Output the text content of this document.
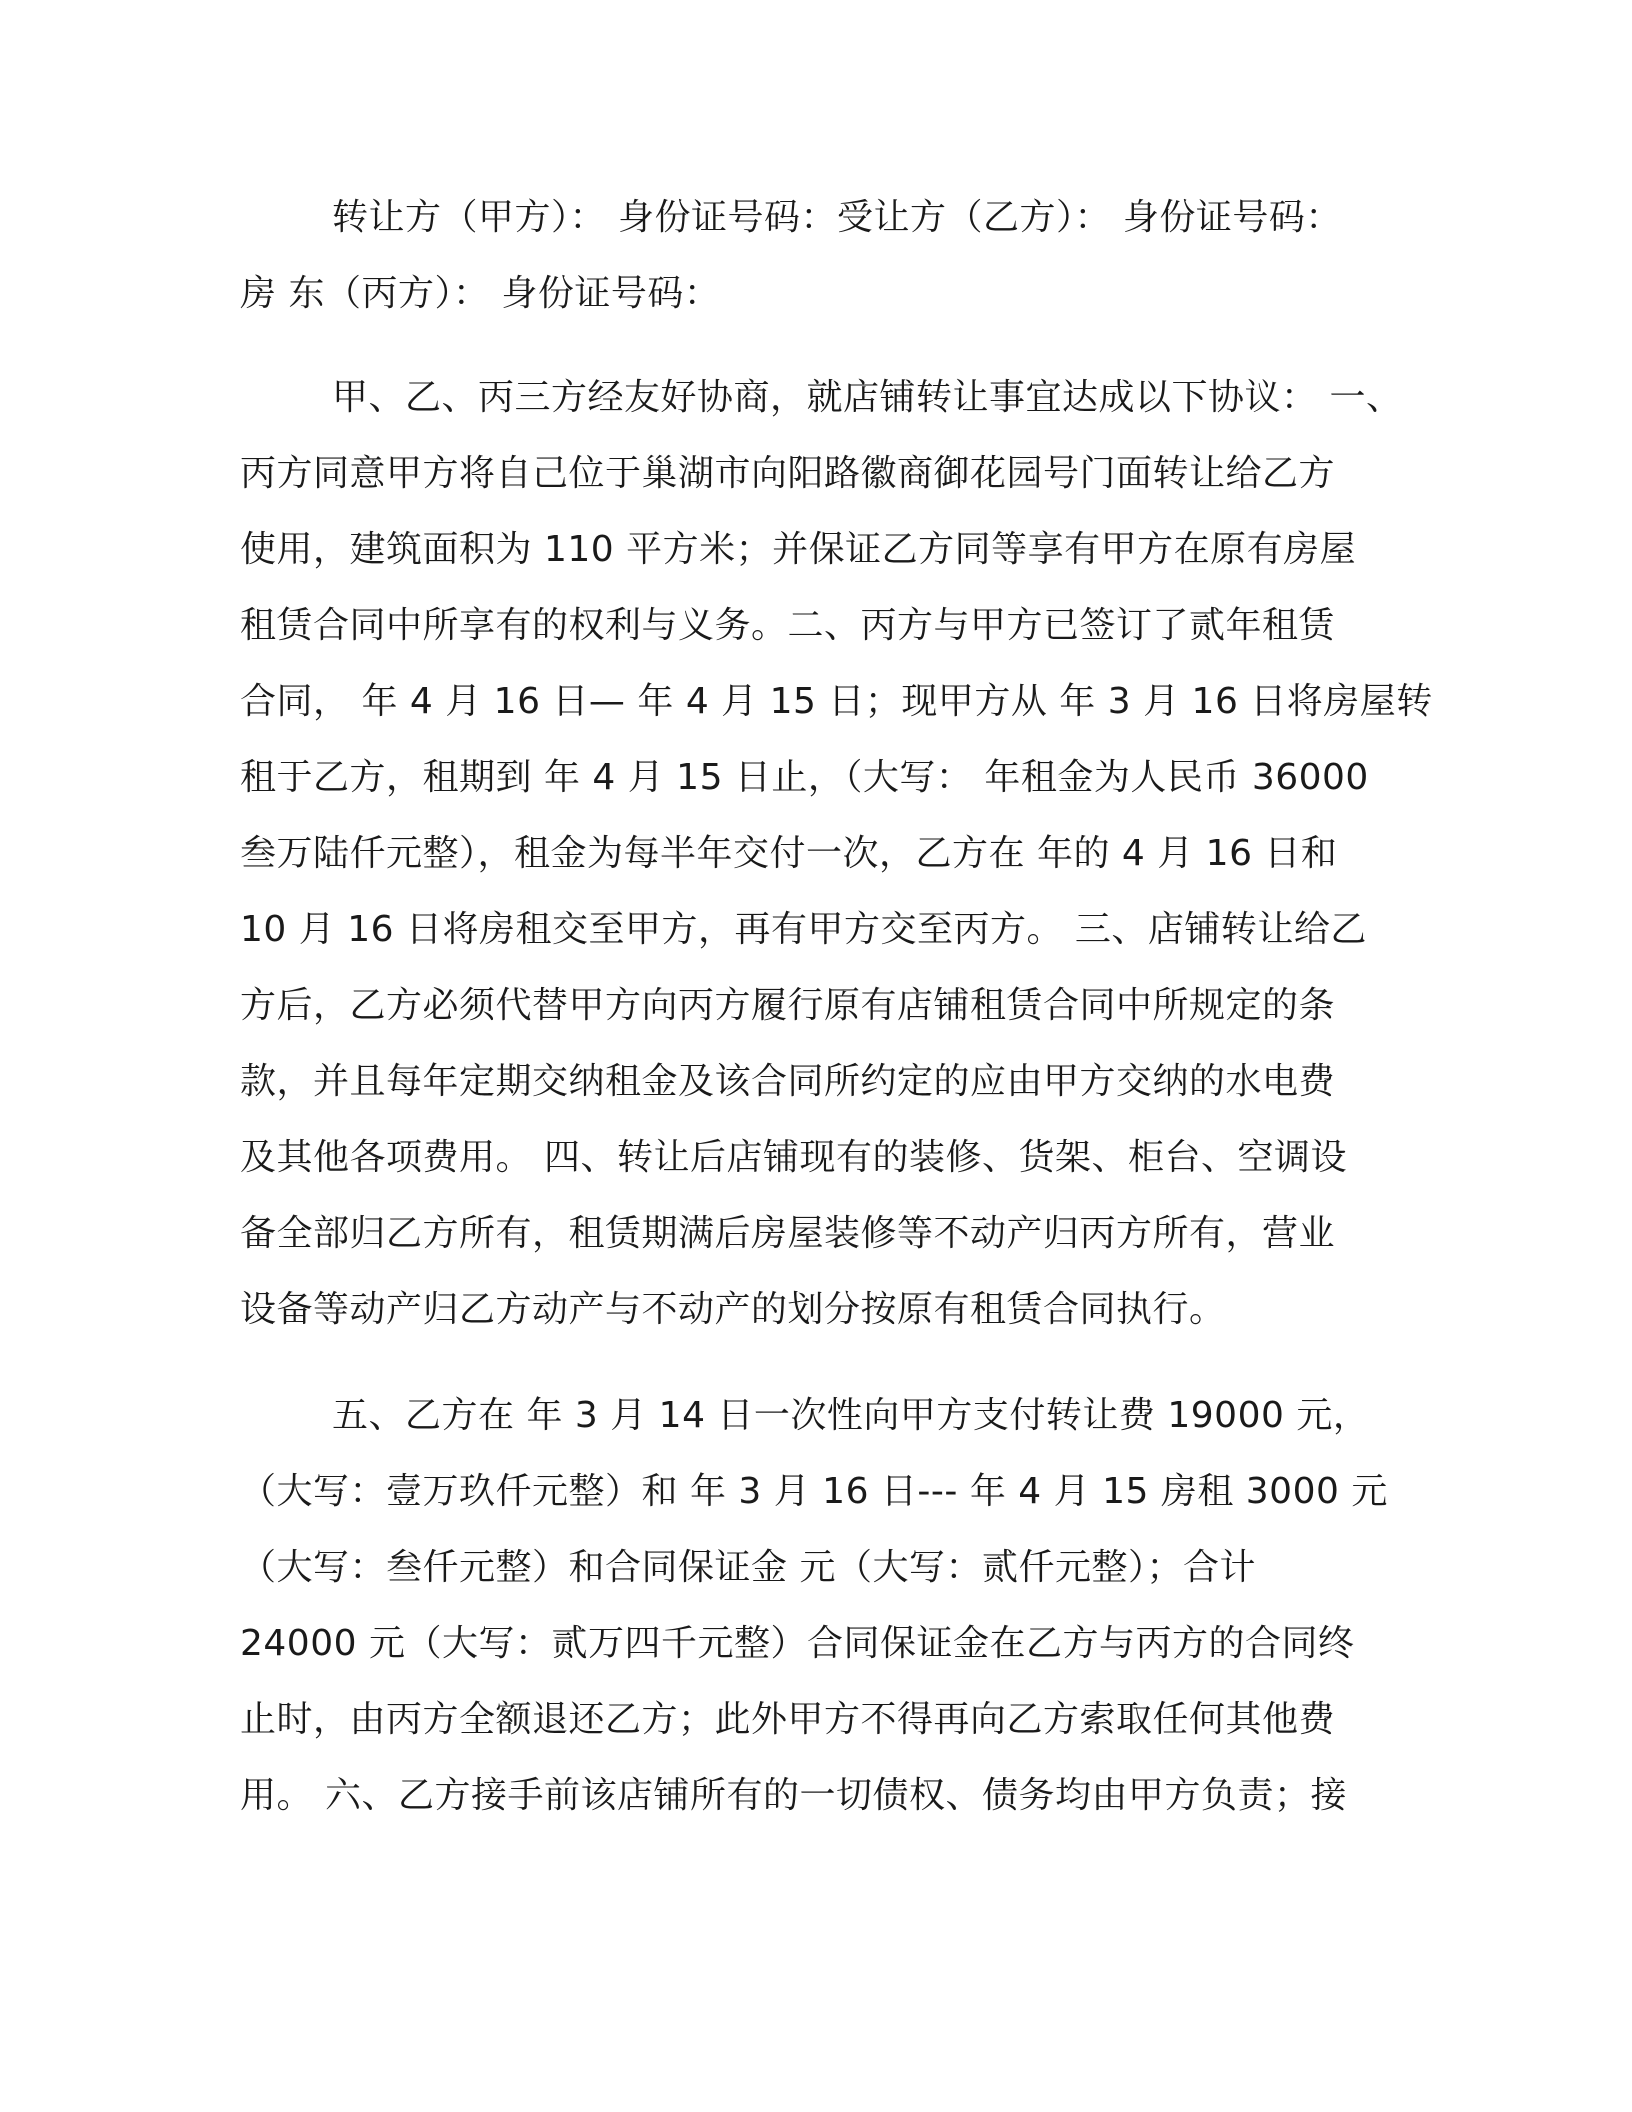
转让方（甲方）： 身份证号码：受让方（乙方）： 身份证号码：
房 东（丙方）： 身份证号码：
甲、乙、丙三方经友好协商，就店铺转让事宜达成以下协议： 一、
丙方同意甲方将自己位于巢湖市向阳路徽商御花园号门面转让给乙方
使用，建筑面积为 110 平方米；并保证乙方同等享有甲方在原有房屋
租赁合同中所享有的权利与义务。二、丙方与甲方已签订了贰年租赁
合同， 年 4 月 16 日— 年 4 月 15 日；现甲方从 年 3 月 16 日将房屋转
租于乙方，租期到 年 4 月 15 日止，（大写： 年租金为人民币 36000
叁万陆仟元整），租金为每半年交付一次，乙方在 年的 4 月 16 日和
10 月 16 日将房租交至甲方，再有甲方交至丙方。 三、店铺转让给乙
方后，乙方必须代替甲方向丙方履行原有店铺租赁合同中所规定的条
款，并且每年定期交纳租金及该合同所约定的应由甲方交纳的水电费
及其他各项费用。 四、转让后店铺现有的装修、货架、柜台、空调设
备全部归乙方所有，租赁期满后房屋装修等不动产归丙方所有，营业
设备等动产归乙方动产与不动产的划分按原有租赁合同执行。
五、乙方在 年 3 月 14 日一次性向甲方支付转让费 19000 元，
（大写：壹万玖仟元整）和 年 3 月 16 日--- 年 4 月 15 房租 3000 元
（大写：叁仟元整）和合同保证金 元（大写：贰仟元整）；合计
24000 元（大写：贰万四千元整）合同保证金在乙方与丙方的合同终
止时，由丙方全额退还乙方；此外甲方不得再向乙方索取任何其他费
用。 六、乙方接手前该店铺所有的一切债权、债务均由甲方负责；接
